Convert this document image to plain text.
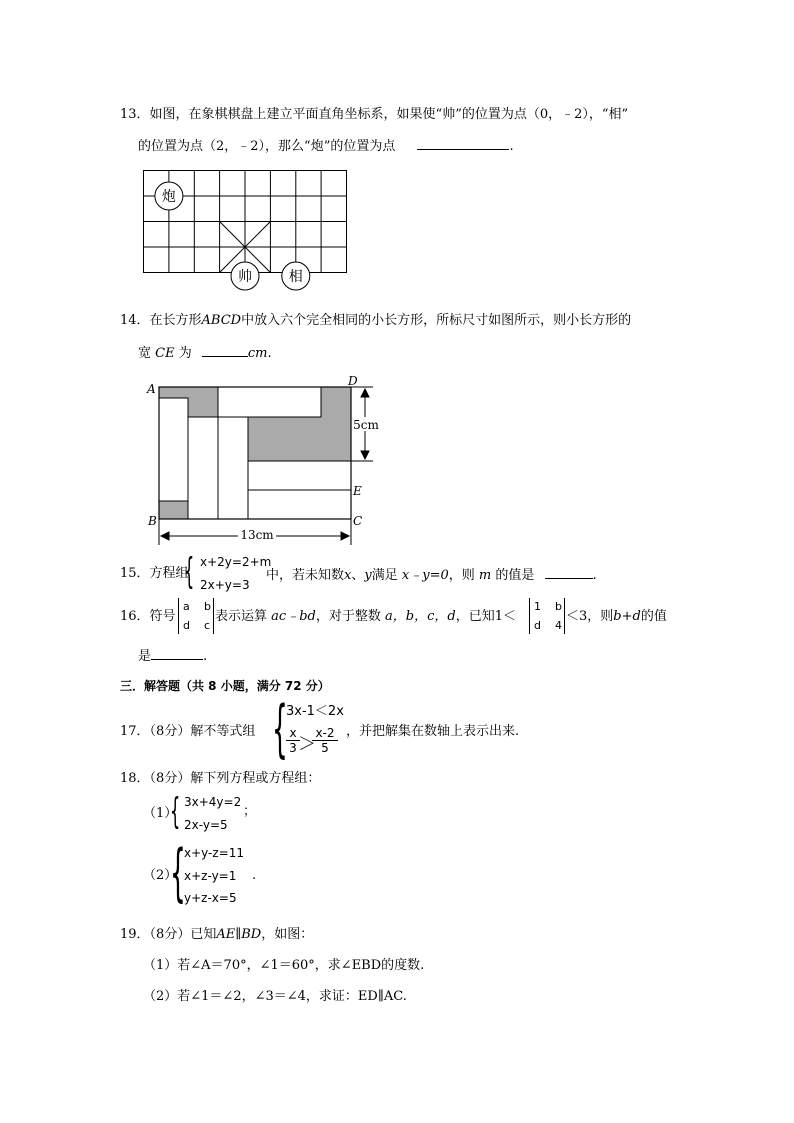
13．如图，在象棋棋盘上建立平面直角坐标系，如果使“帅”的位置为点（0，﹣2），“相”
的位置为点（2，﹣2），那么“炮”的位置为点	.
炮
帅	相
14．在长方形ABCD中放入六个完全相同的小长方形，所标尺寸如图所示，则小长方形的
宽 CE 为	cm.
13cm
5cm
A
D
B	C
E
15．方程组
{ x+2y=2+m
2x+y=3
中，若未知数x、y满足 x﹣y=0，则 m 的值是	.
16．符号
a b
d c
表示运算 ac﹣bd，对于整数 a，b，c，d，已知1＜
1 b
d 4
＜3，则b+d的值
是	.
三．解答题（共 8 小题，满分 72 分）
17．（8分）解不等式组 {
3x-1＜2x
$\frac{x}{3}$
＞
$\frac{x-2}{5}$ ，并把解集在数轴上表示出来.
18．（8分）解下列方程或方程组：
（1）
{ 3x+4y=2
2x-y=5
；
（2）
{
x+y-z=11
x+z-y=1
y+z-x=5
.
19．（8分）已知AE∥BD，如图：
（1）若∠A＝70°，∠1＝60°，求∠EBD的度数.
（2）若∠1＝∠2，∠3＝∠4，求证：ED∥AC.
